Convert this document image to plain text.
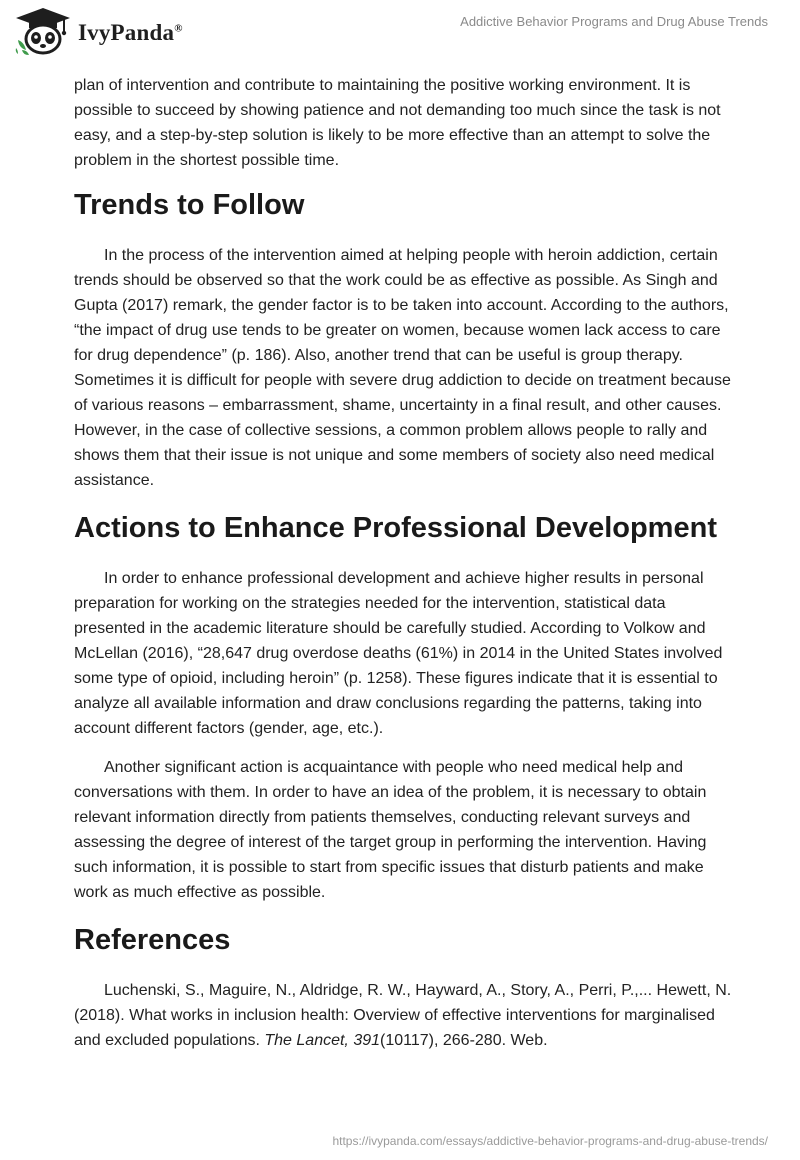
IvyPanda®	Addictive Behavior Programs and Drug Abuse Trends

plan of intervention and contribute to maintaining the positive working environment. It is possible to succeed by showing patience and not demanding too much since the task is not easy, and a step-by-step solution is likely to be more effective than an attempt to solve the problem in the shortest possible time.

Trends to Follow

In the process of the intervention aimed at helping people with heroin addiction, certain trends should be observed so that the work could be as effective as possible. As Singh and Gupta (2017) remark, the gender factor is to be taken into account. According to the authors, “the impact of drug use tends to be greater on women, because women lack access to care for drug dependence” (p. 186). Also, another trend that can be useful is group therapy. Sometimes it is difficult for people with severe drug addiction to decide on treatment because of various reasons – embarrassment, shame, uncertainty in a final result, and other causes. However, in the case of collective sessions, a common problem allows people to rally and shows them that their issue is not unique and some members of society also need medical assistance.

Actions to Enhance Professional Development

In order to enhance professional development and achieve higher results in personal preparation for working on the strategies needed for the intervention, statistical data presented in the academic literature should be carefully studied. According to Volkow and McLellan (2016), “28,647 drug overdose deaths (61%) in 2014 in the United States involved some type of opioid, including heroin” (p. 1258). These figures indicate that it is essential to analyze all available information and draw conclusions regarding the patterns, taking into account different factors (gender, age, etc.).

Another significant action is acquaintance with people who need medical help and conversations with them. In order to have an idea of the problem, it is necessary to obtain relevant information directly from patients themselves, conducting relevant surveys and assessing the degree of interest of the target group in performing the intervention. Having such information, it is possible to start from specific issues that disturb patients and make work as much effective as possible.

References

Luchenski, S., Maguire, N., Aldridge, R. W., Hayward, A., Story, A., Perri, P.,... Hewett, N. (2018). What works in inclusion health: Overview of effective interventions for marginalised and excluded populations. The Lancet, 391(10117), 266-280. Web.

https://ivypanda.com/essays/addictive-behavior-programs-and-drug-abuse-trends/
